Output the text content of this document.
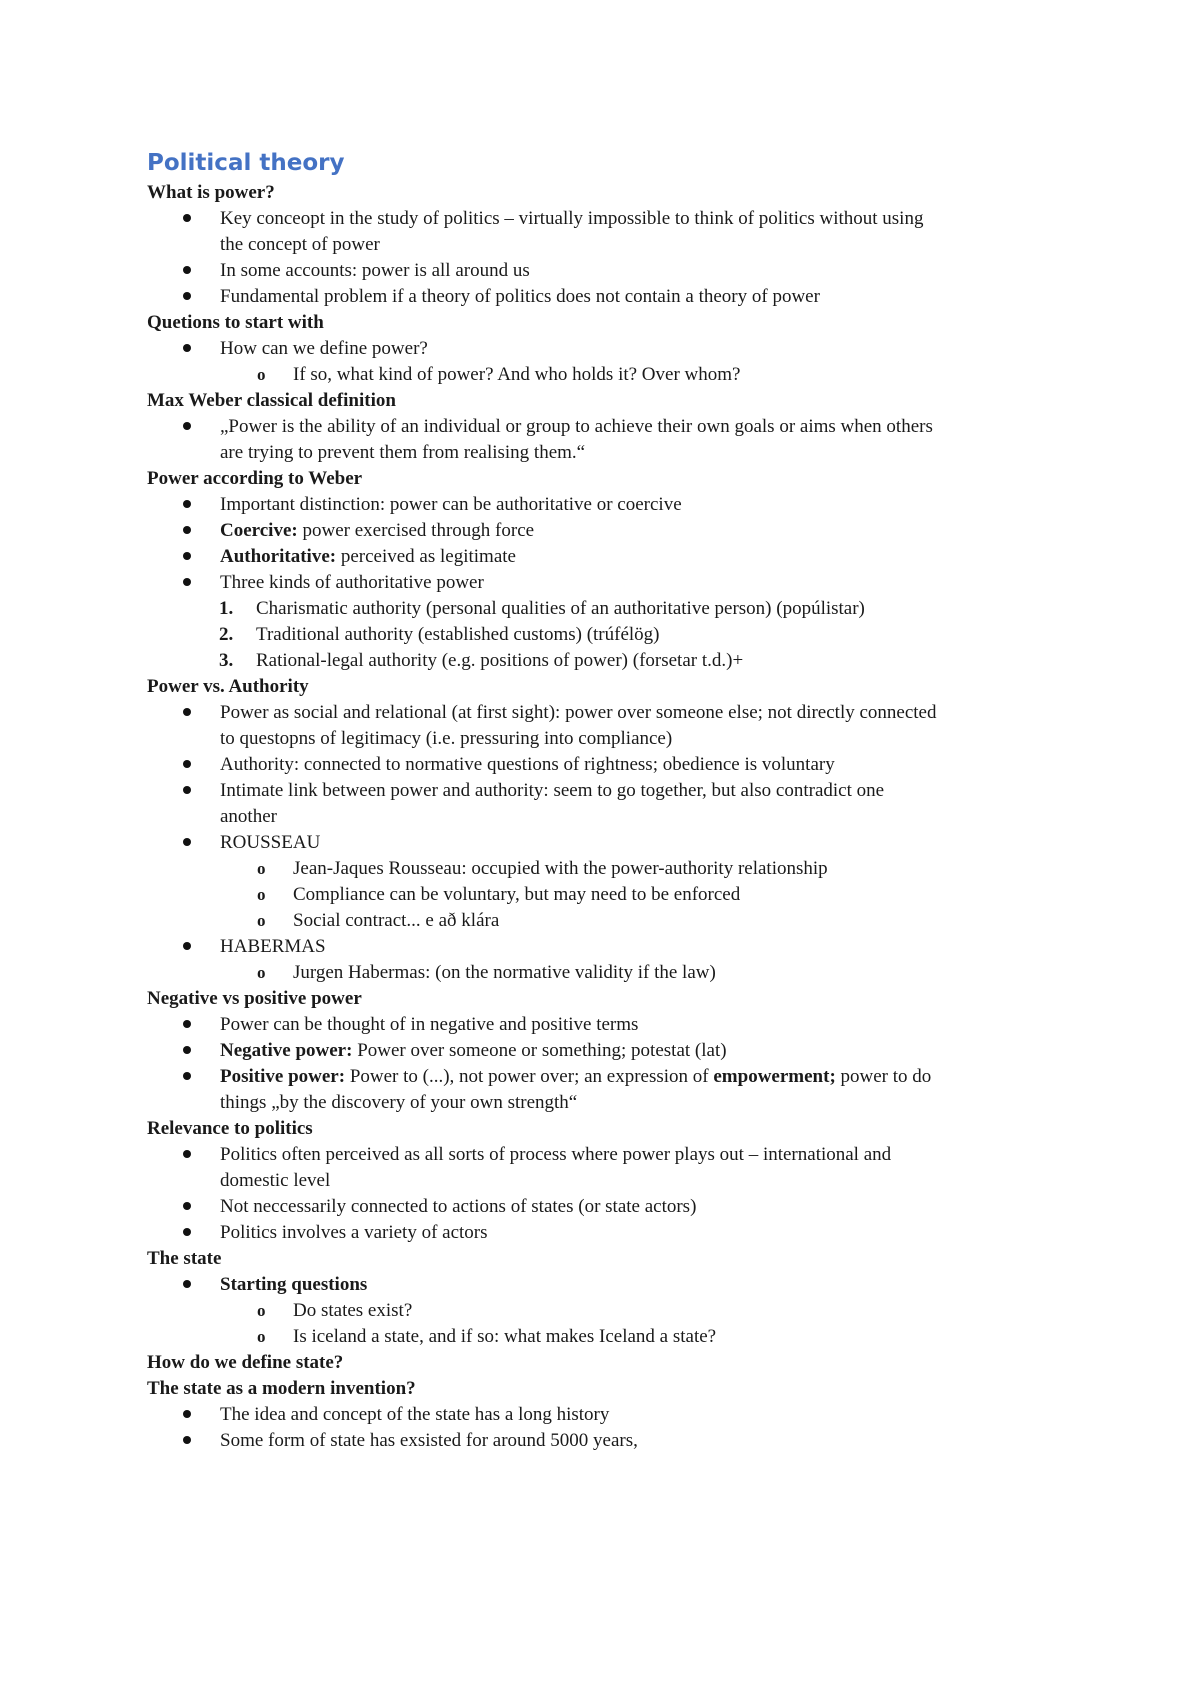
Political theory
What is power?
Key conceopt in the study of politics – virtually impossible to think of politics without using
the concept of power
In some accounts: power is all around us
Fundamental problem if a theory of politics does not contain a theory of power
Quetions to start with
How can we define power?
o If so, what kind of power? And who holds it? Over whom?
Max Weber classical definition
„Power is the ability of an individual or group to achieve their own goals or aims when others
are trying to prevent them from realising them.“
Power according to Weber
Important distinction: power can be authoritative or coercive
Coercive: power exercised through force
Authoritative: perceived as legitimate
Three kinds of authoritative power
1. Charismatic authority (personal qualities of an authoritative person) (popúlistar)
2. Traditional authority (established customs) (trúfélög)
3. Rational-legal authority (e.g. positions of power) (forsetar t.d.)+
Power vs. Authority
Power as social and relational (at first sight): power over someone else; not directly connected
to questopns of legitimacy (i.e. pressuring into compliance)
Authority: connected to normative questions of rightness; obedience is voluntary
Intimate link between power and authority: seem to go together, but also contradict one
another
ROUSSEAU
o Jean-Jaques Rousseau: occupied with the power-authority relationship
o Compliance can be voluntary, but may need to be enforced
o Social contract... e að klára
HABERMAS
o Jurgen Habermas: (on the normative validity if the law)
Negative vs positive power
Power can be thought of in negative and positive terms
Negative power: Power over someone or something; potestat (lat)
Positive power: Power to (...), not power over; an expression of empowerment; power to do
things „by the discovery of your own strength“
Relevance to politics
Politics often perceived as all sorts of process where power plays out – international and
domestic level
Not neccessarily connected to actions of states (or state actors)
Politics involves a variety of actors
The state
Starting questions
o Do states exist?
o Is iceland a state, and if so: what makes Iceland a state?
How do we define state?
The state as a modern invention?
The idea and concept of the state has a long history
Some form of state has exsisted for around 5000 years,
